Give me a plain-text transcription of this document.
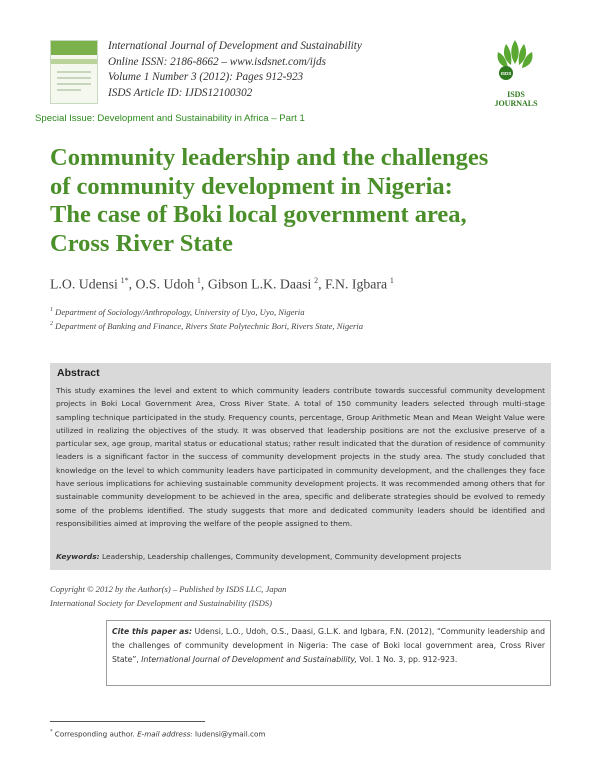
International Journal of Development and Sustainability
Online ISSN: 2186-8662 – www.isdsnet.com/ijds
Volume 1 Number 3 (2012): Pages 912-923
ISDS Article ID: IJDS12100302
ISDS
ISDS JOURNALS
Special Issue: Development and Sustainability in Africa – Part 1
Community leadership and the challenges
of community development in Nigeria:
The case of Boki local government area,
Cross River State
L.O. Udensi  $^{1*}$, O.S. Udoh  $^1$, Gibson L.K. Daasi  $^2$, F.N. Igbara  $^1$
$^1$ Department of Sociology/Anthropology, University of Uyo, Uyo, Nigeria
$^2$ Department of Banking and Finance, Rivers State Polytechnic Bori, Rivers State, Nigeria
Abstract

This study examines the level and extent to which community leaders contribute towards successful community development projects in Boki Local Government Area, Cross River State. A total of 150 community leaders selected through multi-stage sampling technique participated in the study. Frequency counts, percentage, Group Arithmetic Mean and Mean Weight Value were utilized in realizing the objectives of the study. It was observed that leadership positions are not the exclusive preserve of a particular sex, age group, marital status or educational status; rather result indicated that the duration of residence of community leaders is a significant factor in the success of community development projects in the study area. The study concluded that knowledge on the level to which community leaders have participated in community development, and the challenges they face have serious implications for achieving sustainable community development projects. It was recommended among others that for sustainable community development to be achieved in the area, specific and deliberate strategies should be evolved to remedy some of the problems identified. The study suggests that more and dedicated community leaders should be identified and responsibilities aimed at improving the welfare of the people assigned to them.

Keywords: Leadership, Leadership challenges, Community development, Community development projects
Copyright © 2012 by the Author(s) – Published by ISDS LLC, Japan
International Society for Development and Sustainability (ISDS)

Cite this paper as: Udensi, L.O., Udoh, O.S., Daasi, G.L.K. and Igbara, F.N. (2012), “Community leadership and the challenges of community development in Nigeria: The case of Boki local government area, Cross River State”, International Journal of Development and Sustainability, Vol. 1 No. 3, pp. 912-923.

* Corresponding author. E-mail address: ludensi@ymail.com
